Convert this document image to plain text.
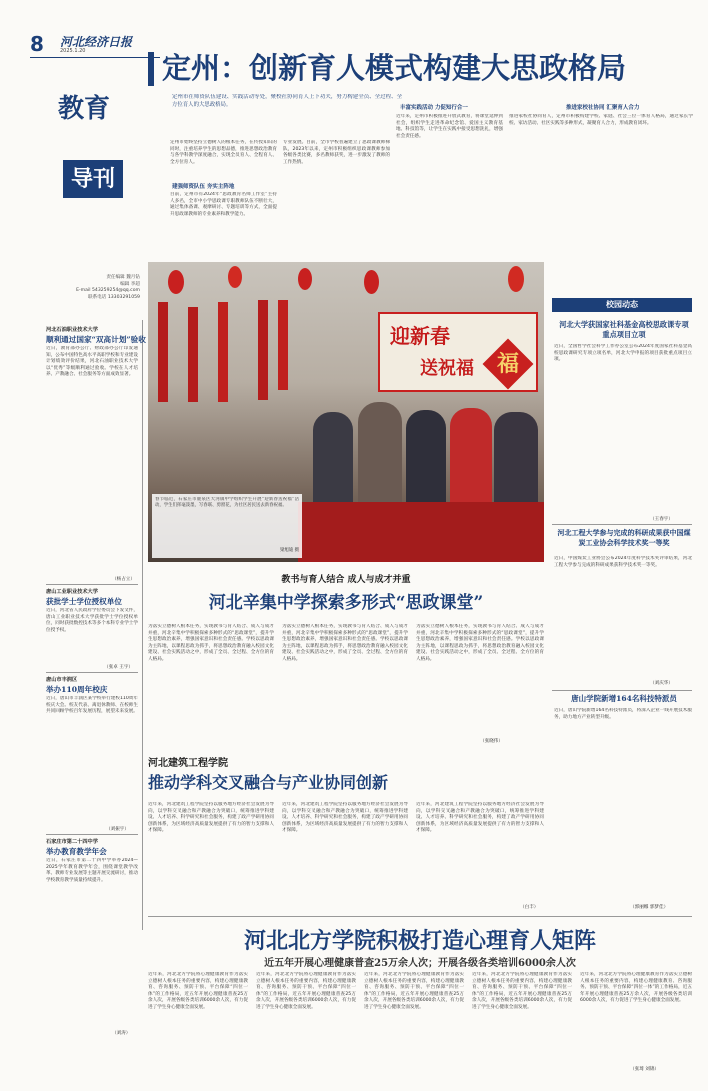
8	河北经济日报
2025.1.20
教育
导刊
责任编辑 魏月钻
编辑 李超
E-mail 543259254@qq.com
联系电话 13303291059
定州：创新育人模式构建大思政格局
定州市在师资队伍建设、实践活动等处，聚校社协同育人上下功夫，努力构建全员、全过程、全方位育人的大思政格局。
定州市始终坚持立德树人的根本任务，在传授知识的同时，注重培养学生的思想品德，推进思想政治教育与各学科教学深度融合，实现全员育人、全程育人、全方位育人。
建强师资队伍 夯实主阵地
目前，定州市有2024年“思政教育名师工作室”主持人多名，全市中小学思政课专职教师队伍不断壮大，通过集体备课、观摩研讨、专题培训等方式，全面提升思政课教师的专业素养和教学能力。
专业发展。目前，全市学校普遍建立了思政课教师梯队，2023年以来，定州市积极组织思政课教师参加各级各类比赛，多名教师获奖，进一步激发了教师的工作热情。
丰富实践活动 力促知行合一
近年来，定州市积极推进开放式教育，将课堂延伸到社会，组织学生走进革命纪念馆、爱国主义教育基地、科技馆等，让学生在实践中接受思想洗礼，增强社会责任感。
推进家校社协同 汇聚育人合力
推进家校社协同育人，定州市积极构建学校、家庭、社会三位一体育人格局，通过家长学校、家访活动、社区实践等多种形式，凝聚育人合力，形成教育闭环。
迎新春
送祝福	福
春节临近，石家庄市鹿泉区大河镇中学组织学生开展“迎新春送祝福”活动，学生们挥毫泼墨，写春联、剪窗花，为社区居民送去新春祝福。
梁旭迪 摄
教书与育人结合 成人与成才并重
河北辛集中学探索多形式“思政课堂”
为落实立德树人根本任务，实现教书与育人结合、成人与成才并重，河北辛集中学积极探索多种形式的“思政课堂”，提升学生思想政治素养，增强国家意识和社会责任感。学校以思政课为主阵地，以课程思政为抓手，将思想政治教育融入校园文化建设、社会实践活动之中，形成了全员、全过程、全方位的育人格局。
为落实立德树人根本任务，实现教书与育人结合、成人与成才并重，河北辛集中学积极探索多种形式的“思政课堂”，提升学生思想政治素养，增强国家意识和社会责任感。学校以思政课为主阵地，以课程思政为抓手，将思想政治教育融入校园文化建设、社会实践活动之中，形成了全员、全过程、全方位的育人格局。
为落实立德树人根本任务，实现教书与育人结合、成人与成才并重，河北辛集中学积极探索多种形式的“思政课堂”，提升学生思想政治素养，增强国家意识和社会责任感。学校以思政课为主阵地，以课程思政为抓手，将思想政治教育融入校园文化建设、社会实践活动之中，形成了全员、全过程、全方位的育人格局。
（张晓伟）
河北建筑工程学院
推动学科交叉融合与产业协同创新
近年来，河北建筑工程学院坚持以服务地方经济社会发展为导向，以学科交叉融合和产教融合为突破口，统筹推进学科建设、人才培养、科学研究和社会服务，构建了政产学研用协同创新体系，为区域经济高质量发展提供了有力的智力支撑和人才保障。
近年来，河北建筑工程学院坚持以服务地方经济社会发展为导向，以学科交叉融合和产教融合为突破口，统筹推进学科建设、人才培养、科学研究和社会服务，构建了政产学研用协同创新体系，为区域经济高质量发展提供了有力的智力支撑和人才保障。
近年来，河北建筑工程学院坚持以服务地方经济社会发展为导向，以学科交叉融合和产教融合为突破口，统筹推进学科建设、人才培养、科学研究和社会服务，构建了政产学研用协同创新体系，为区域经济高质量发展提供了有力的智力支撑和人才保障。
（白丰）
校园动态
河北大学获国家社科基金高校思政课专项重点项目立项
近日，全国哲学社会科学工作办公室公布2024年度国家社科基金高校思政课研究专项立项名单，河北大学申报的项目获批重点项目立项。
（王春宇）
河北工程大学参与完成的科研成果获中国煤炭工业协会科学技术奖一等奖
近日，中国煤炭工业协会公布2024年度科学技术奖评审结果，河北工程大学参与完成的科研成果获科学技术奖一等奖。
（刘庆华）
唐山学院新增164名科技特派员
近日，唐山学院新增164名科技特派员，将深入企业一线开展技术服务，助力地方产业转型升级。
（郭丽娜 郭梦佳）
河北石油职业技术大学
顺利通过国家“双高计划”验收
近日，教育部办公厅、财政部办公厅印发通知，公布中国特色高水平高职学校和专业建设计划绩效评价结果，河北石油职业技术大学以“优秀”等级顺利通过验收。学校在人才培养、产教融合、社会服务等方面成效显著。
（杨占立）
唐山工业职业技术大学
获批学士学位授权单位
近日，河北省人民政府学位委员会下发文件，唐山工业职业技术大学获批学士学位授权单位，同时获批数控技术等多个本科专业学士学位授予权。
（张卓 王宇）
唐山市丰润区
举办110周年校庆
近日，唐山市丰润区某学校举行建校110周年校庆大会。校友代表、离退休教师、在校师生共同回顾学校百年发展历程，展望未来发展。
（刘振宇）
石家庄市第二十四中学
举办教育教学年会
近日，石家庄市第二十四中学举办2024—2025学年教育教学年会，围绕课堂教学改革、教师专业发展等主题开展交流研讨，推动学校教育教学质量持续提升。
（刘涛）
河北北方学院积极打造心理育人矩阵
近五年开展心理健康普查25万余人次；开展各级各类培训6000余人次
近年来，河北北方学院将心理健康教育作为落实立德树人根本任务的重要内容，构建心理健康教育、咨询服务、预防干预、平台保障“四位一体”的工作格局，近五年开展心理健康普查25万余人次，开展各级各类培训6000余人次，有力促进了学生身心健康全面发展。
近年来，河北北方学院将心理健康教育作为落实立德树人根本任务的重要内容，构建心理健康教育、咨询服务、预防干预、平台保障“四位一体”的工作格局，近五年开展心理健康普查25万余人次，开展各级各类培训6000余人次，有力促进了学生身心健康全面发展。
近年来，河北北方学院将心理健康教育作为落实立德树人根本任务的重要内容，构建心理健康教育、咨询服务、预防干预、平台保障“四位一体”的工作格局，近五年开展心理健康普查25万余人次，开展各级各类培训6000余人次，有力促进了学生身心健康全面发展。
近年来，河北北方学院将心理健康教育作为落实立德树人根本任务的重要内容，构建心理健康教育、咨询服务、预防干预、平台保障“四位一体”的工作格局，近五年开展心理健康普查25万余人次，开展各级各类培训6000余人次，有力促进了学生身心健康全面发展。
近年来，河北北方学院将心理健康教育作为落实立德树人根本任务的重要内容，构建心理健康教育、咨询服务、预防干预、平台保障“四位一体”的工作格局，近五年开展心理健康普查25万余人次，开展各级各类培训6000余人次，有力促进了学生身心健康全面发展。
（张琦 刘锦）
